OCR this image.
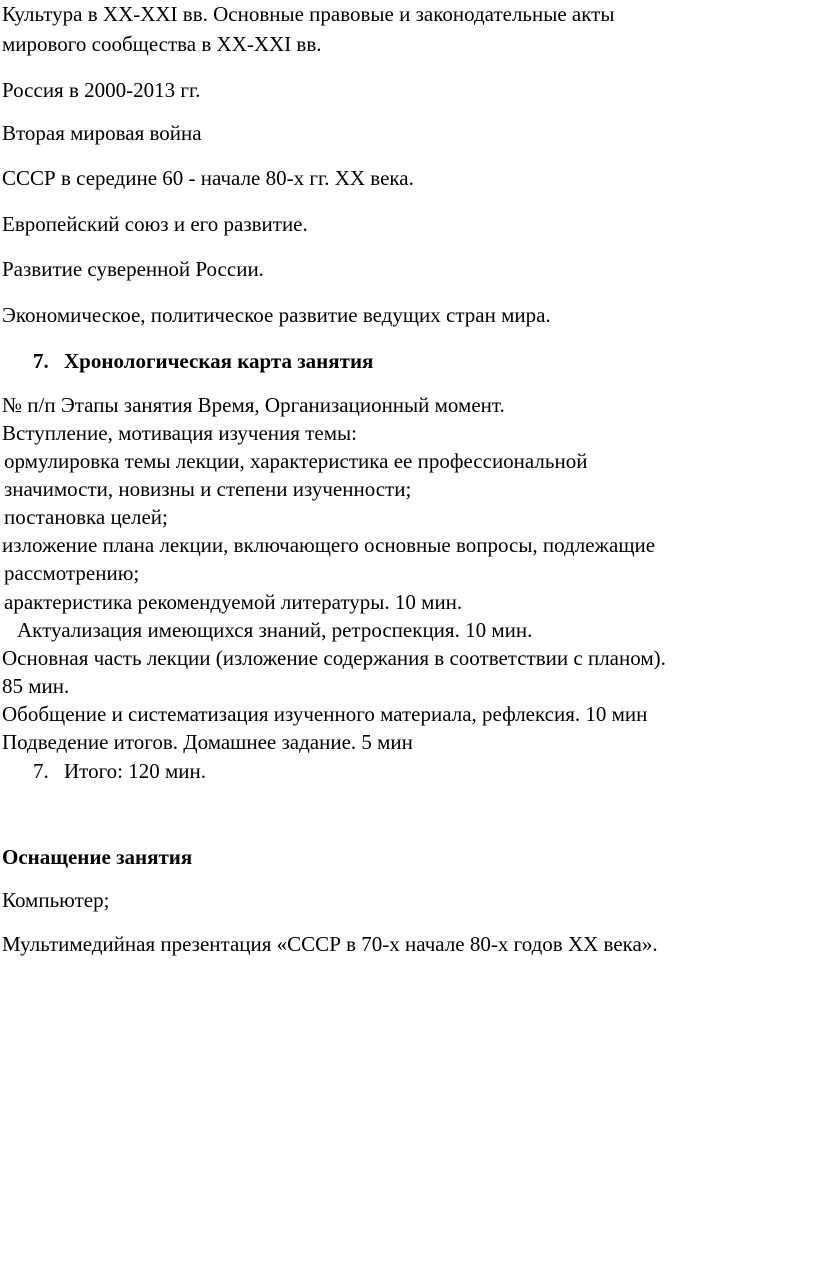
Культура в XX-XXI вв. Основные правовые и законодательные акты
мирового сообщества в XX-XXI вв.
Россия в 2000-2013 гг.
Вторая мировая война
СССР в середине 60 - начале 80-х гг. XX века.
Европейский союз и его развитие.
Развитие суверенной России.
Экономическое, политическое развитие ведущих стран мира.
7. Хронологическая карта занятия
№ п/п Этапы занятия Время, Организационный момент.
Вступление, мотивация изучения темы:
ормулировка темы лекции, характеристика ее профессиональной
значимости, новизны и степени изученности;
постановка целей;
изложение плана лекции, включающего основные вопросы, подлежащие
рассмотрению;
арактеристика рекомендуемой литературы. 10 мин.
Актуализация имеющихся знаний, ретроспекция. 10 мин.
Основная часть лекции (изложение содержания в соответствии с планом).
85 мин.
Обобщение и систематизация изученного материала, рефлексия. 10 мин
Подведение итогов. Домашнее задание. 5 мин
7. Итого: 120 мин.
Оснащение занятия
Компьютер;
Мультимедийная презентация «СССР в 70-х начале 80-х годов XX века».
